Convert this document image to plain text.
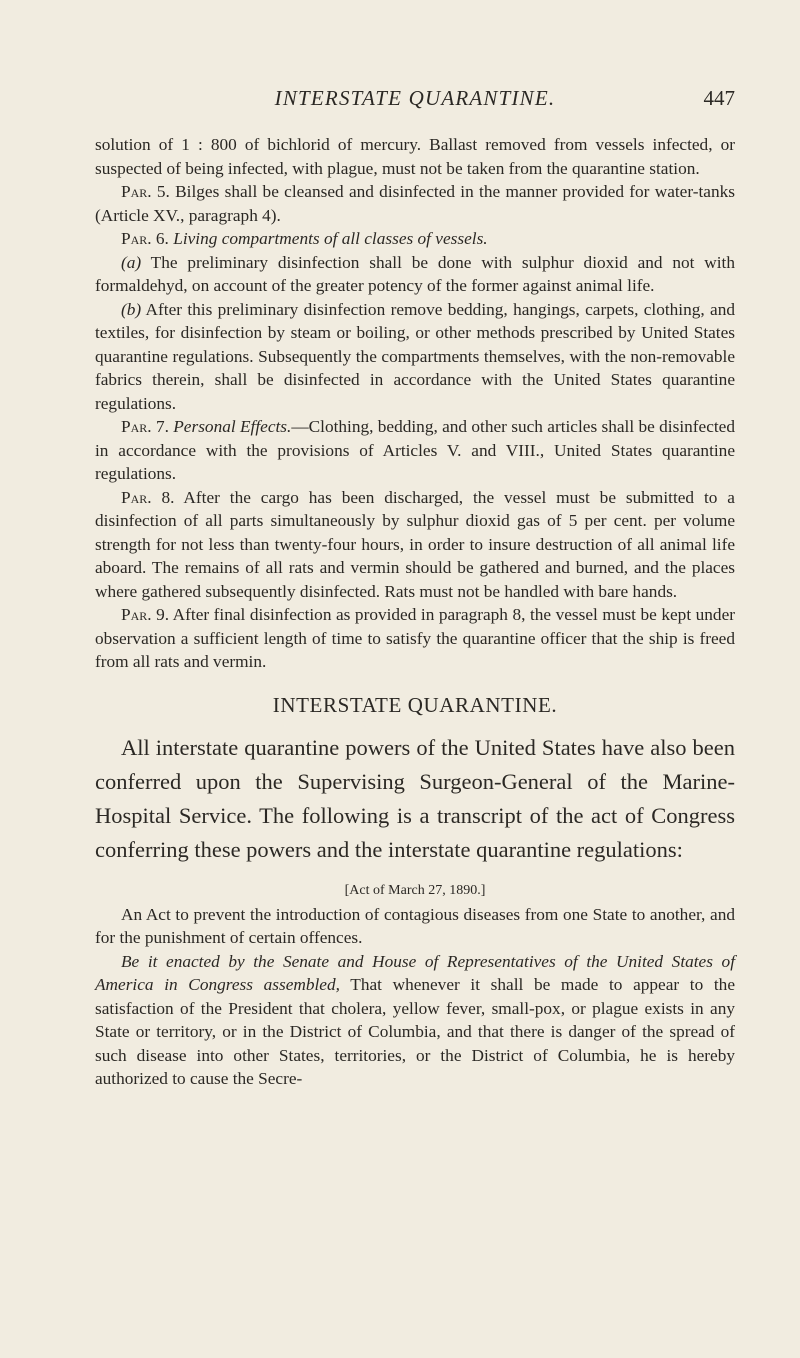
INTERSTATE QUARANTINE.	447

solution of 1 : 800 of bichlorid of mercury. Ballast removed from vessels infected, or suspected of being infected, with plague, must not be taken from the quarantine station.

Par. 5. Bilges shall be cleansed and disinfected in the manner provided for water-tanks (Article XV., paragraph 4).

Par. 6. Living compartments of all classes of vessels.

(a) The preliminary disinfection shall be done with sulphur dioxid and not with formaldehyd, on account of the greater potency of the former against animal life.

(b) After this preliminary disinfection remove bedding, hangings, carpets, clothing, and textiles, for disinfection by steam or boiling, or other methods prescribed by United States quarantine regulations. Subsequently the compartments themselves, with the non-removable fabrics therein, shall be disinfected in accordance with the United States quarantine regulations.

Par. 7. Personal Effects.—Clothing, bedding, and other such articles shall be disinfected in accordance with the provisions of Articles V. and VIII., United States quarantine regulations.

Par. 8. After the cargo has been discharged, the vessel must be submitted to a disinfection of all parts simultaneously by sulphur dioxid gas of 5 per cent. per volume strength for not less than twenty-four hours, in order to insure destruction of all animal life aboard. The remains of all rats and vermin should be gathered and burned, and the places where gathered subsequently disinfected. Rats must not be handled with bare hands.

Par. 9. After final disinfection as provided in paragraph 8, the vessel must be kept under observation a sufficient length of time to satisfy the quarantine officer that the ship is freed from all rats and vermin.

INTERSTATE QUARANTINE.

All interstate quarantine powers of the United States have also been conferred upon the Supervising Surgeon-General of the Marine-Hospital Service. The following is a transcript of the act of Congress conferring these powers and the interstate quarantine regulations:

[Act of March 27, 1890.]

An Act to prevent the introduction of contagious diseases from one State to another, and for the punishment of certain offences.

Be it enacted by the Senate and House of Representatives of the United States of America in Congress assembled, That whenever it shall be made to appear to the satisfaction of the President that cholera, yellow fever, small-pox, or plague exists in any State or territory, or in the District of Columbia, and that there is danger of the spread of such disease into other States, territories, or the District of Columbia, he is hereby authorized to cause the Secre-
